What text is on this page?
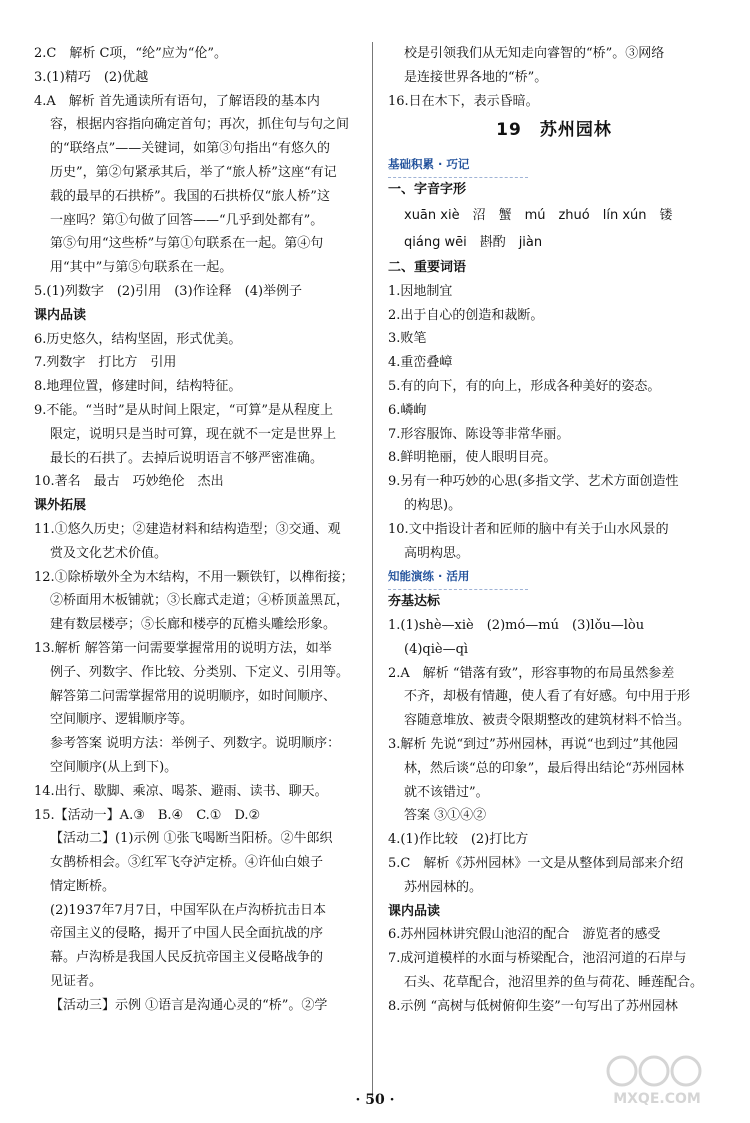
2.C　解析 C项，“纶”应为“伦”。
3.(1)精巧　(2)优越
4.A　解析 首先通读所有语句，了解语段的基本内
容，根据内容指向确定首句；再次，抓住句与句之间
的“联络点”——关键词，如第③句指出“有悠久的
历史”，第②句紧承其后，举了“旅人桥”这座“有记
载的最早的石拱桥”。我国的石拱桥仅“旅人桥”这
一座吗？第①句做了回答——“几乎到处都有”。
第⑤句用“这些桥”与第①句联系在一起。第④句
用“其中”与第⑤句联系在一起。
5.(1)列数字　(2)引用　(3)作诠释　(4)举例子
课内品读
6.历史悠久，结构坚固，形式优美。
7.列数字　打比方　引用
8.地理位置，修建时间，结构特征。
9.不能。“当时”是从时间上限定，“可算”是从程度上
限定，说明只是当时可算，现在就不一定是世界上
最长的石拱了。去掉后说明语言不够严密准确。
10.著名　最古　巧妙绝伦　杰出
课外拓展
11.①悠久历史；②建造材料和结构造型；③交通、观
赏及文化艺术价值。
12.①除桥墩外全为木结构，不用一颗铁钉，以榫衔接；
②桥面用木板铺就；③长廊式走道；④桥顶盖黑瓦，
建有数层楼亭；⑤长廊和楼亭的瓦檐头雕绘形象。
13.解析 解答第一问需要掌握常用的说明方法，如举
例子、列数字、作比较、分类别、下定义、引用等。
解答第二问需掌握常用的说明顺序，如时间顺序、
空间顺序、逻辑顺序等。
参考答案 说明方法：举例子、列数字。说明顺序：
空间顺序(从上到下)。
14.出行、歇脚、乘凉、喝茶、避雨、读书、聊天。
15.【活动一】A.③　B.④　C.①　D.②
【活动二】(1)示例 ①张飞喝断当阳桥。②牛郎织
女鹊桥相会。③红军飞夺泸定桥。④许仙白娘子
情定断桥。
(2)1937年7月7日，中国军队在卢沟桥抗击日本
帝国主义的侵略，揭开了中国人民全面抗战的序
幕。卢沟桥是我国人民反抗帝国主义侵略战争的
见证者。
【活动三】示例 ①语言是沟通心灵的“桥”。②学
校是引领我们从无知走向睿智的“桥”。③网络
是连接世界各地的“桥”。
16.日在木下，表示昏暗。
19　苏州园林
基础积累 · 巧记
一、字音字形
xuān xiè　沼　蟹　mú　zhuó　lín xún　镂
qiáng wēi　斟酌　jiàn
二、重要词语
1.因地制宜
2.出于自心的创造和裁断。
3.败笔
4.重峦叠嶂
5.有的向下，有的向上，形成各种美好的姿态。
6.嶙峋
7.形容服饰、陈设等非常华丽。
8.鲜明艳丽，使人眼明目亮。
9.另有一种巧妙的心思(多指文学、艺术方面创造性
的构思)。
10.文中指设计者和匠师的脑中有关于山水风景的
高明构思。
知能演练 · 活用
夯基达标
1.(1)shè—xiè　(2)mó—mú　(3)lǒu—lòu
(4)qiè—qì
2.A　解析 “错落有致”，形容事物的布局虽然参差
不齐，却极有情趣，使人看了有好感。句中用于形
容随意堆放、被责令限期整改的建筑材料不恰当。
3.解析 先说“到过”苏州园林，再说“也到过”其他园
林，然后谈“总的印象”，最后得出结论“苏州园林
就不该错过”。
答案 ③①④②
4.(1)作比较　(2)打比方
5.C　解析《苏州园林》一文是从整体到局部来介绍
苏州园林的。
课内品读
6.苏州园林讲究假山池沼的配合　游览者的感受
7.成河道模样的水面与桥梁配合，池沼河道的石岸与
石头、花草配合，池沼里养的鱼与荷花、睡莲配合。
8.示例 “高树与低树俯仰生姿”一句写出了苏州园林
· 50 ·	MXQE.COM
